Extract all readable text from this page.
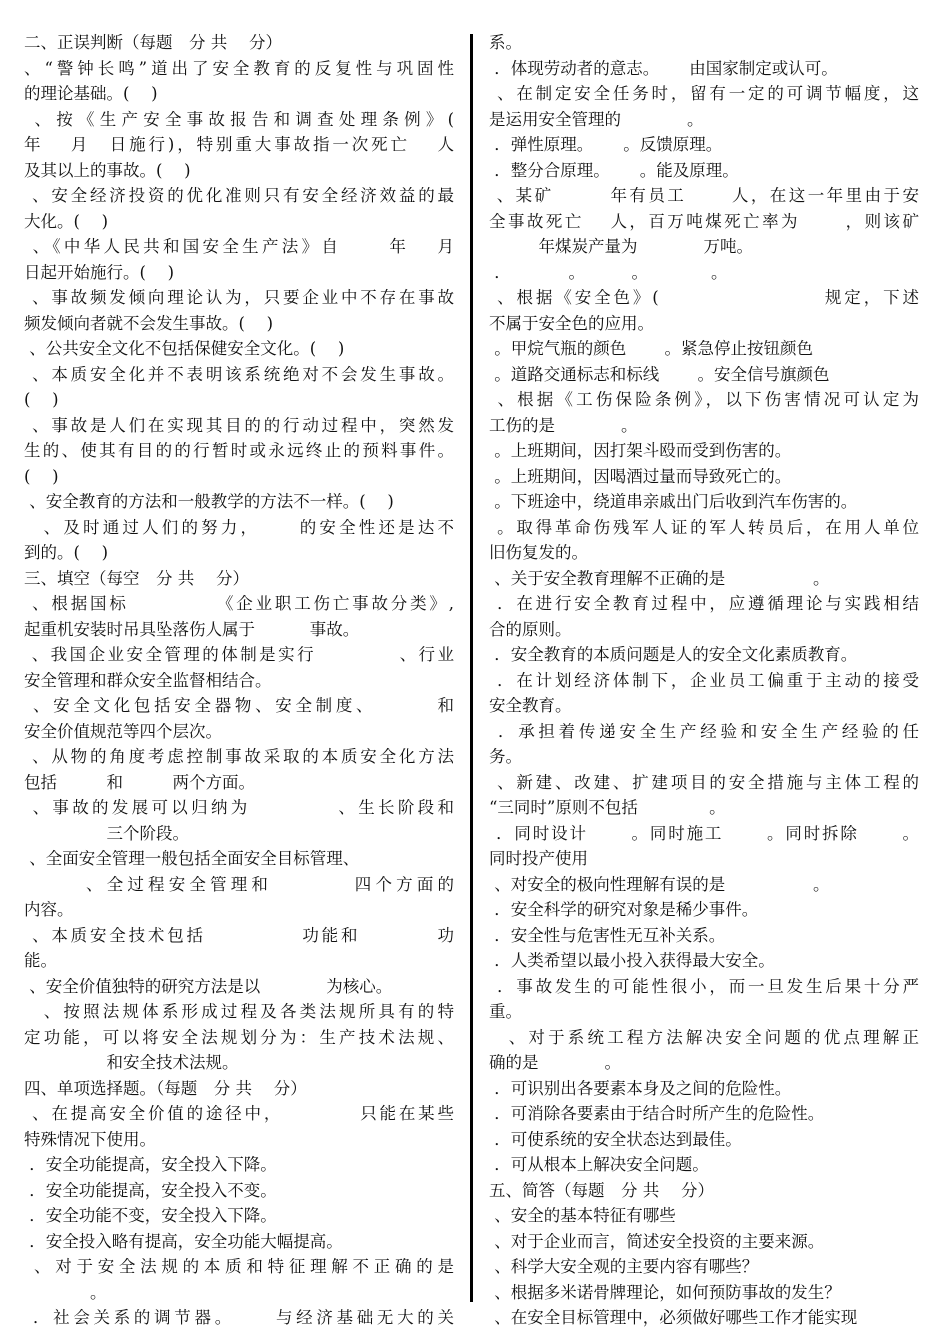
二、正误判断（每题　分 共　 分）
、“警钟长鸣”道出了安全教育的反复性与巩固性
的理论基础。(　 )
、按《生产安全事故报告和调查处理条例》(
年　 月　日施行)，特别重大事故指一次死亡　 人
及其以上的事故。(　 )
、安全经济投资的优化准则只有安全经济效益的最
大化。(　 )
、《中华人民共和国安全生产法》自　　 年　 月
日起开始施行。(　 )
、事故频发倾向理论认为，只要企业中不存在事故
频发倾向者就不会发生事故。(　 )
、公共安全文化不包括保健安全文化。(　 )
、本质安全化并不表明该系统绝对不会发生事故。
(　 )
、事故是人们在实现其目的的行动过程中，突然发
生的、使其有目的的行暂时或永远终止的预料事件。
(　 )
、安全教育的方法和一般教学的方法不一样。(　 )
　、及时通过人们的努力，　　 的安全性还是达不
到的。(　 )
三、填空（每空　分 共　 分）
、根据国标　　　　　《企业职工伤亡事故分类》,
起重机安装时吊具坠落伤人属于　　　 事故。
、我国企业安全管理的体制是实行　　　　 、行业
安全管理和群众安全监督相结合。
、安全文化包括安全器物、安全制度、　　　 和
安全价值规范等四个层次。
、从物的角度考虑控制事故采取的本质安全化方法
包括　　　和　　　两个方面。
、事故的发展可以归纳为　　　　 、生长阶段和
　　　　　三个阶段。
、全面安全管理一般包括全面安全目标管理、
　　　、全过程安全管理和　　　　四个方面的
内容。
、本质安全技术包括　　　　　功能和　　　　功
能。
、安全价值独特的研究方法是以　　　　为核心。
　、按照法规体系形成过程及各类法规所具有的特
定功能，可以将安全法规划分为：生产技术法规、
　　　　　和安全技术法规。
四、单项选择题。（每题　分 共　 分）
、在提高安全价值的途径中，　　　　 只能在某些
特殊情况下使用。
．安全功能提高，安全投入下降。
．安全功能提高，安全投入不变。
．安全功能不变，安全投入下降。
．安全投入略有提高，安全功能大幅提高。
、对于安全法规的本质和特征理解不正确的是
　　　　。
．社会关系的调节器。　　 与经济基础无大的关
系。
．体现劳动者的意志。　　 由国家制定或认可。
、在制定安全任务时，留有一定的可调节幅度，这
是运用安全管理的　　　　。
．弹性原理。　　 。反馈原理。
．整分合原理。　　 。能及原理。
、某矿　　　年有员工　　 人，在这一年里由于安
全事故死亡　 人，百万吨煤死亡率为　　 ，则该矿
　　　年煤炭产量为　　　　万吨。
．　　　　。　　　 。　　　　 。
、根据《安全色》(　　　　　　　　 规定，下述
不属于安全色的应用。
。甲烷气瓶的颜色　　 。紧急停止按钮颜色
。道路交通标志和标线　　 。安全信号旗颜色
、根据《工伤保险条例》，以下伤害情况可认定为
工伤的是　　　　。
。上班期间，因打架斗殴而受到伤害的。
。上班期间，因喝酒过量而导致死亡的。
。下班途中，绕道串亲戚出门后收到汽车伤害的。
。取得革命伤残军人证的军人转员后，在用人单位
旧伤复发的。
、关于安全教育理解不正确的是　　　　　 。
．在进行安全教育过程中，应遵循理论与实践相结
合的原则。
．安全教育的本质问题是人的安全文化素质教育。
．在计划经济体制下，企业员工偏重于主动的接受
安全教育。
．承担着传递安全生产经验和安全生产经验的任
务。
、新建、改建、扩建项目的安全措施与主体工程的
“三同时”原则不包括　　　　 。
．同时设计　　 。同时施工　　 。同时拆除　　 。
同时投产使用
、对安全的极向性理解有误的是　　　　　 。
．安全科学的研究对象是稀少事件。
．安全性与危害性无互补关系。
．人类希望以最小投入获得最大安全。
．事故发生的可能性很小，而一旦发生后果十分严
重。
　、对于系统工程方法解决安全问题的优点理解正
确的是　　　　。
．可识别出各要素本身及之间的危险性。
．可消除各要素由于结合时所产生的危险性。
．可使系统的安全状态达到最佳。
．可从根本上解决安全问题。
五、简答（每题　分 共　 分）
、安全的基本特征有哪些
、对于企业而言，简述安全投资的主要来源。
、科学大安全观的主要内容有哪些？
、根据多米诺骨牌理论，如何预防事故的发生？
、在安全目标管理中，必须做好哪些工作才能实现
